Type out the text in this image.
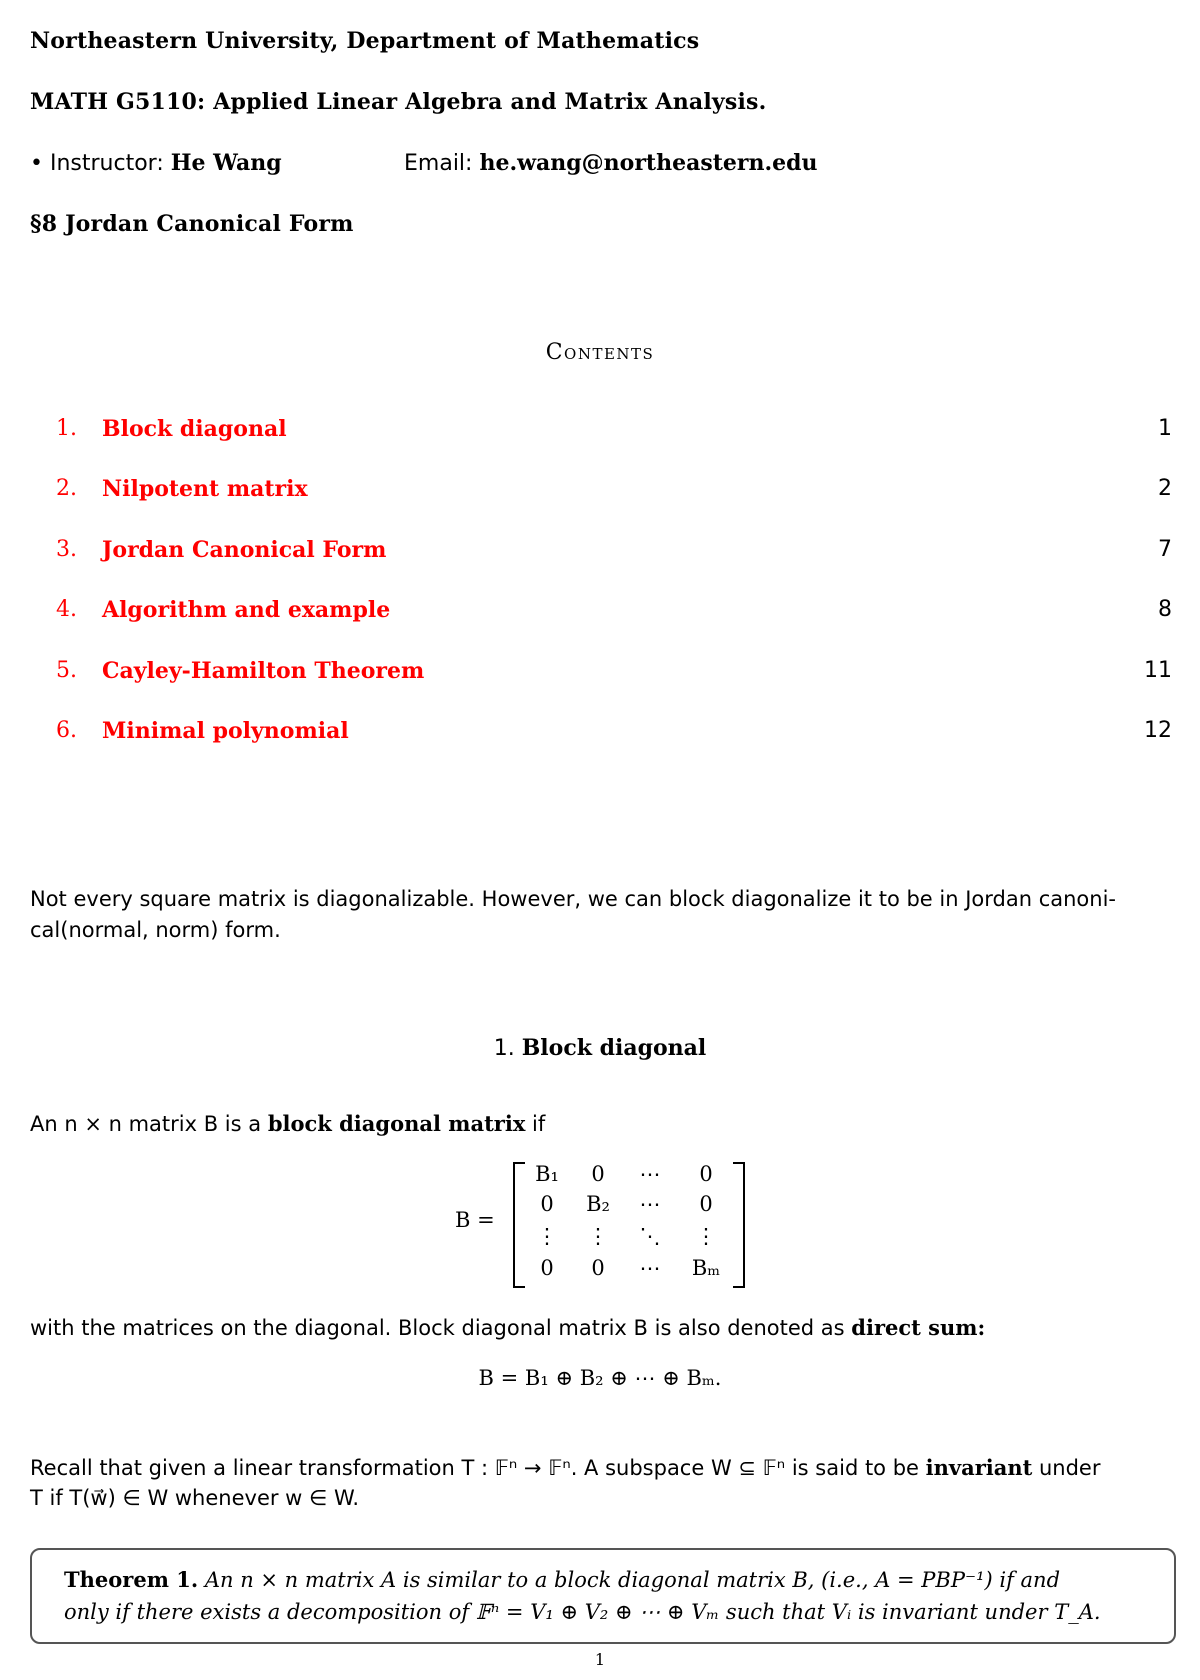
Northeastern University, Department of Mathematics
MATH G5110: Applied Linear Algebra and Matrix Analysis.
• Instructor: He Wang	Email: he.wang@northeastern.edu
§8 Jordan Canonical Form
Contents
1. Block diagonal	1
2. Nilpotent matrix	2
3. Jordan Canonical Form	7
4. Algorithm and example	8
5. Cayley-Hamilton Theorem	11
6. Minimal polynomial	12
Not every square matrix is diagonalizable. However, we can block diagonalize it to be in Jordan canoni-
cal(normal, norm) form.
1. Block diagonal
An n × n matrix B is a block diagonal matrix if
B =
B₁	0	⋯	0
0	B₂	⋯	0
⋮	⋮	⋱	⋮
0	0	⋯	Bₘ
with the matrices on the diagonal. Block diagonal matrix B is also denoted as direct sum:
B = B₁ ⊕ B₂ ⊕ ⋯ ⊕ Bₘ.
Recall that given a linear transformation T : 𝔽ⁿ → 𝔽ⁿ. A subspace W ⊆ 𝔽ⁿ is said to be invariant under
T if T(w⃗) ∈ W whenever w ∈ W.
Theorem 1. An n × n matrix A is similar to a block diagonal matrix B, (i.e., A = PBP⁻¹) if and
only if there exists a decomposition of 𝔽ⁿ = V₁ ⊕ V₂ ⊕ ⋯ ⊕ Vₘ such that Vᵢ is invariant under T_A.
1
